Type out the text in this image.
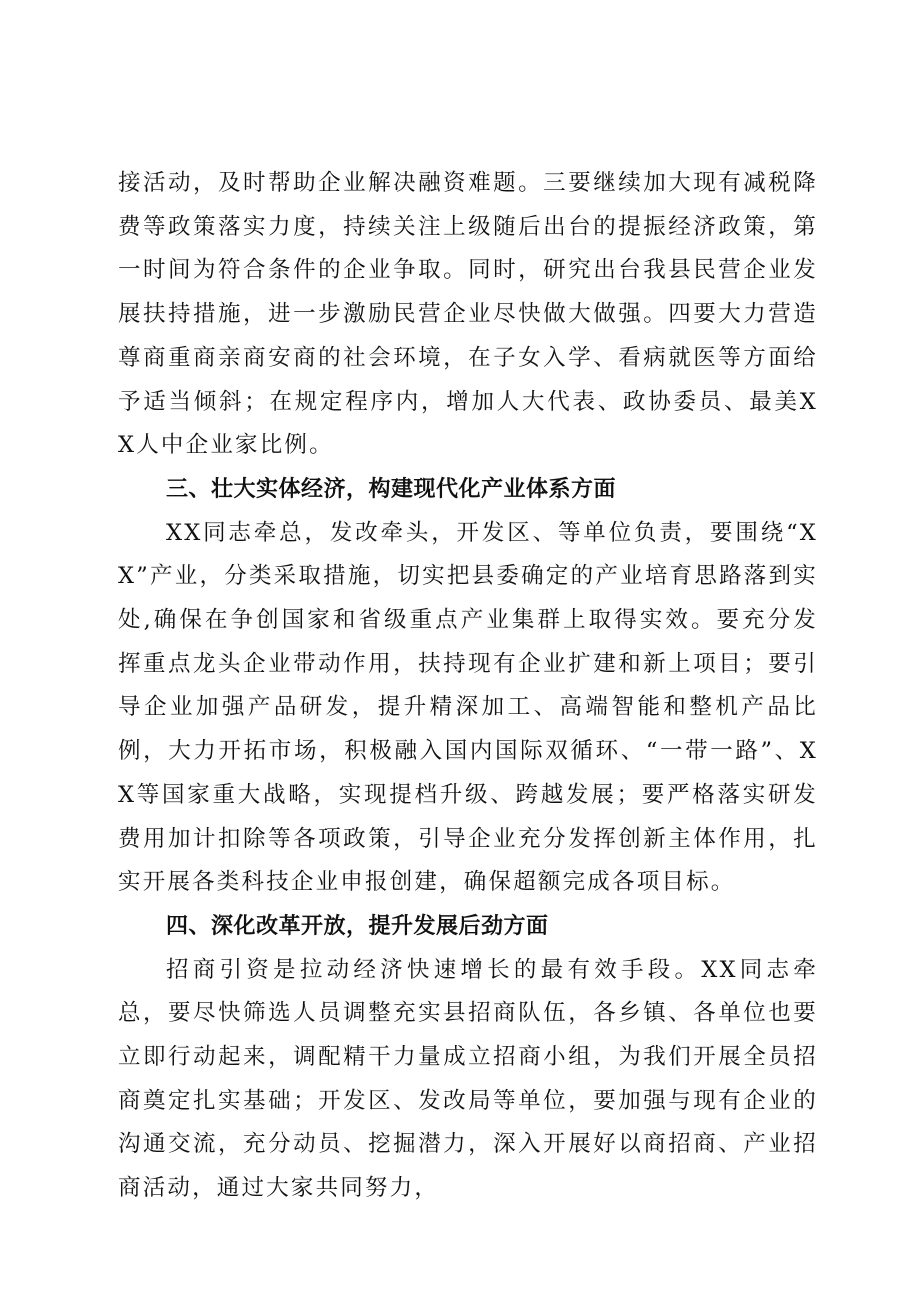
接活动，及时帮助企业解决融资难题。三要继续加大现有减税降费等政策落实力度，持续关注上级随后出台的提振经济政策，第一时间为符合条件的企业争取。同时，研究出台我县民营企业发展扶持措施，进一步激励民营企业尽快做大做强。四要大力营造尊商重商亲商安商的社会环境，在子女入学、看病就医等方面给予适当倾斜；在规定程序内，增加人大代表、政协委员、最美XX人中企业家比例。

三、壮大实体经济，构建现代化产业体系方面

XX同志牵总，发改牵头，开发区、等单位负责，要围绕“XX”产业，分类采取措施，切实把县委确定的产业培育思路落到实处,确保在争创国家和省级重点产业集群上取得实效。要充分发挥重点龙头企业带动作用，扶持现有企业扩建和新上项目；要引导企业加强产品研发，提升精深加工、高端智能和整机产品比例，大力开拓市场，积极融入国内国际双循环、“一带一路”、XX等国家重大战略，实现提档升级、跨越发展；要严格落实研发费用加计扣除等各项政策，引导企业充分发挥创新主体作用，扎实开展各类科技企业申报创建，确保超额完成各项目标。

四、深化改革开放，提升发展后劲方面

招商引资是拉动经济快速增长的最有效手段。XX同志牵总，要尽快筛选人员调整充实县招商队伍，各乡镇、各单位也要立即行动起来，调配精干力量成立招商小组，为我们开展全员招商奠定扎实基础；开发区、发改局等单位，要加强与现有企业的沟通交流，充分动员、挖掘潜力，深入开展好以商招商、产业招商活动，通过大家共同努力，
